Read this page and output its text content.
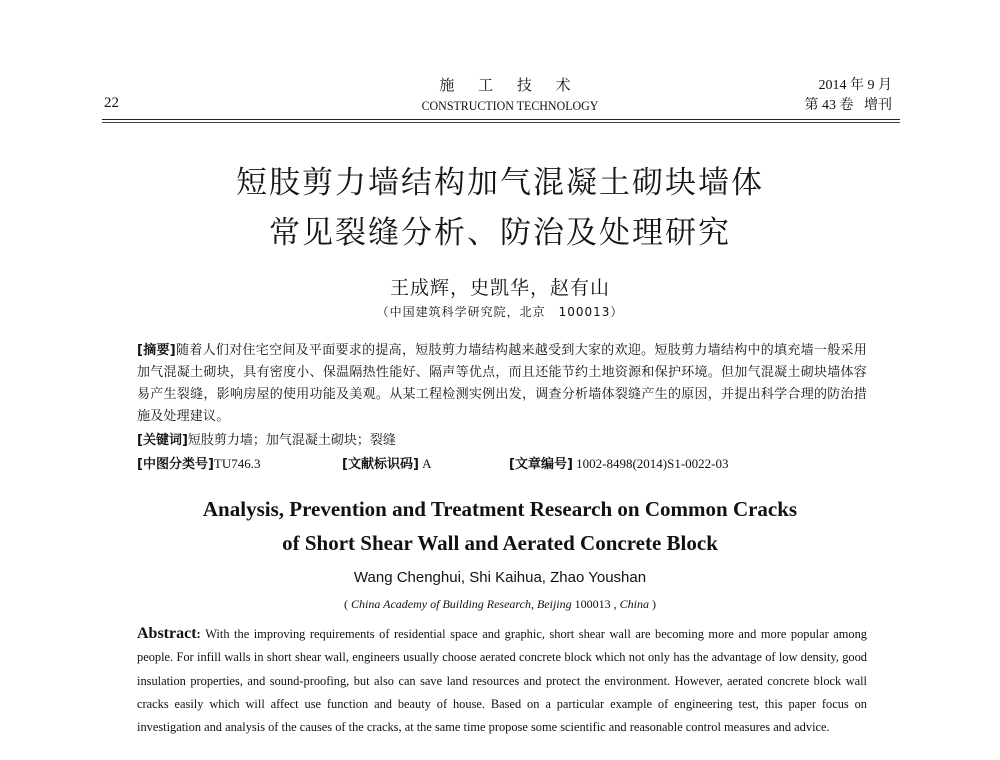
22
施 工 技 术
CONSTRUCTION TECHNOLOGY
2014 年 9 月
第 43 卷 增刊
短肢剪力墙结构加气混凝土砌块墙体
常见裂缝分析、防治及处理研究
王成辉，史凯华，赵有山
（中国建筑科学研究院，北京　100013）
[摘要]随着人们对住宅空间及平面要求的提高，短肢剪力墙结构越来越受到大家的欢迎。短肢剪力墙结构中的填充墙一般采用加气混凝土砌块，具有密度小、保温隔热性能好、隔声等优点，而且还能节约土地资源和保护环境。但加气混凝土砌块墙体容易产生裂缝，影响房屋的使用功能及美观。从某工程检测实例出发，调查分析墙体裂缝产生的原因，并提出科学合理的防治措施及处理建议。
[关键词]短肢剪力墙；加气混凝土砌块；裂缝
[中图分类号]TU746.3	[文献标识码] A	[文章编号] 1002-8498(2014)S1-0022-03
Analysis, Prevention and Treatment Research on Common Cracks
of Short Shear Wall and Aerated Concrete Block
Wang Chenghui, Shi Kaihua, Zhao Youshan
( China Academy of Building Research, Beijing 100013 , China )
Abstract: With the improving requirements of residential space and graphic, short shear wall are becoming more and more popular among people. For infill walls in short shear wall, engineers usually choose aerated concrete block which not only has the advantage of low density, good insulation properties, and sound-proofing, but also can save land resources and protect the environment. However, aerated concrete block wall cracks easily which will affect use function and beauty of house. Based on a particular example of engineering test, this paper focus on investigation and analysis of the causes of the cracks, at the same time propose some scientific and reasonable control measures and advice.
